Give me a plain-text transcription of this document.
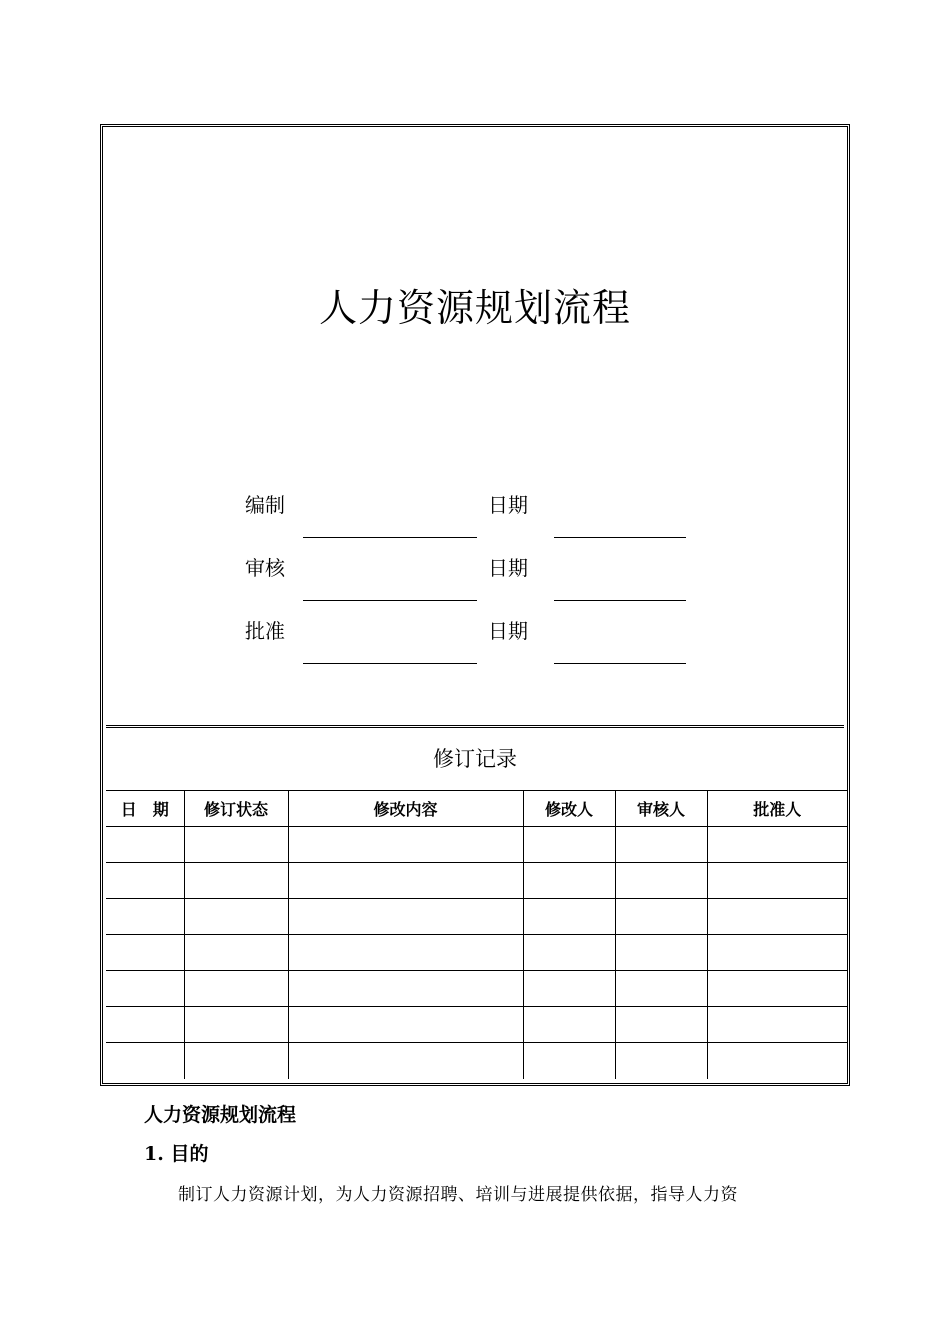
人力资源规划流程
编制	日期
审核	日期
批准	日期
修订记录
日　期	修订状态	修改内容	修改人	审核人	批准人

人力资源规划流程
1. 目的
制订人力资源计划，为人力资源招聘、培训与进展提供依据，指导人力资
